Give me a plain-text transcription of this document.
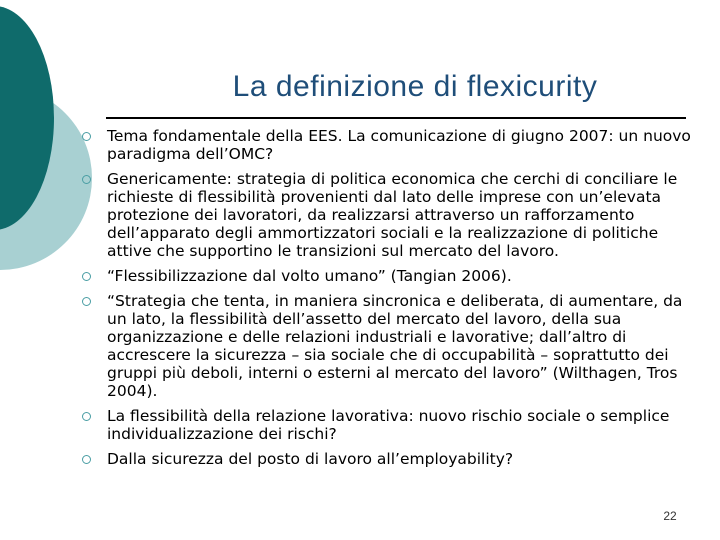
La definizione di flexicurity
Tema fondamentale della EES. La comunicazione di giugno 2007: un nuovo paradigma dell’OMC?
Genericamente: strategia di politica economica che cerchi di conciliare le richieste di flessibilità provenienti dal lato delle imprese con un’elevata protezione dei lavoratori, da realizzarsi attraverso un rafforzamento dell’apparato degli ammortizzatori sociali e la realizzazione di politiche attive che supportino le transizioni sul mercato del lavoro.
“Flessibilizzazione dal volto umano” (Tangian 2006).
“Strategia che tenta, in maniera sincronica e deliberata, di aumentare, da un lato, la flessibilità dell’assetto del mercato del lavoro, della sua organizzazione e delle relazioni industriali e lavorative; dall’altro di accrescere la sicurezza – sia sociale che di occupabilità – soprattutto dei gruppi più deboli, interni o esterni al mercato del lavoro” (Wilthagen, Tros 2004).
La flessibilità della relazione lavorativa: nuovo rischio sociale o semplice individualizzazione dei rischi?
Dalla sicurezza del posto di lavoro all’employability?
22
